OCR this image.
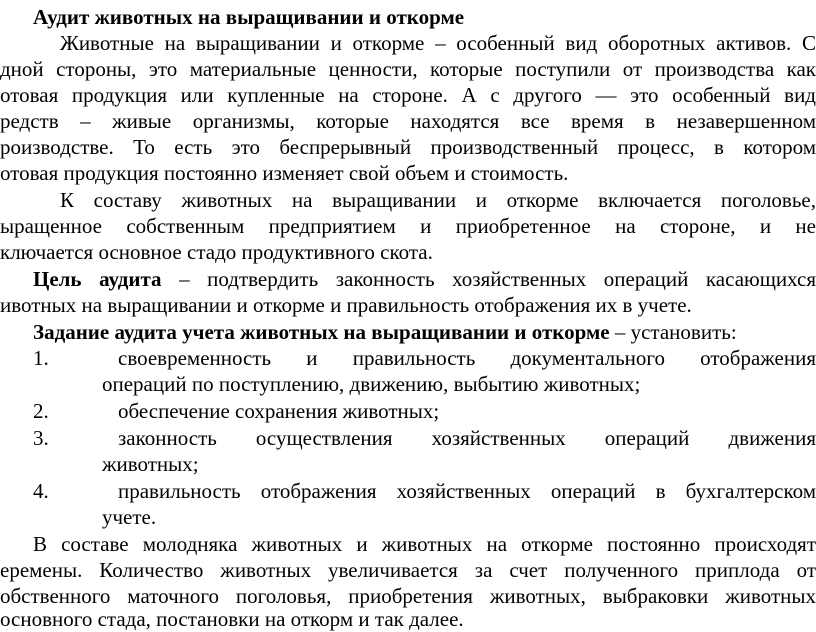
Аудит животных на выращивании и откорме
Животные на выращивании и откорме – особенный вид оборотных активов. С
дной стороны, это материальные ценности, которые поступили от производства как
отовая продукция или купленные на стороне. А с другого — это особенный вид
редств – живые организмы, которые находятся все время в незавершенном
роизводстве. То есть это беспрерывный производственный процесс, в котором
отовая продукция постоянно изменяет свой объем и стоимость.
К составу животных на выращивании и откорме включается поголовье,
ыращенное собственным предприятием и приобретенное на стороне, и не
ключается основное стадо продуктивного скота.
Цель аудита – подтвердить законность хозяйственных операций касающихся
ивотных на выращивании и откорме и правильность отображения их в учете.
Задание аудита учета животных на выращивании и откорме – установить:
1.	своевременность и правильность документального отображения
операций по поступлению, движению, выбытию животных;
2.	обеспечение сохранения животных;
3.	законность осуществления хозяйственных операций движения
животных;
4.	правильность отображения хозяйственных операций в бухгалтерском
учете.
В составе молодняка животных и животных на откорме постоянно происходят
еремены. Количество животных увеличивается за счет полученного приплода от
обственного маточного поголовья, приобретения животных, выбраковки животных
основного стада, постановки на откорм и так далее.
